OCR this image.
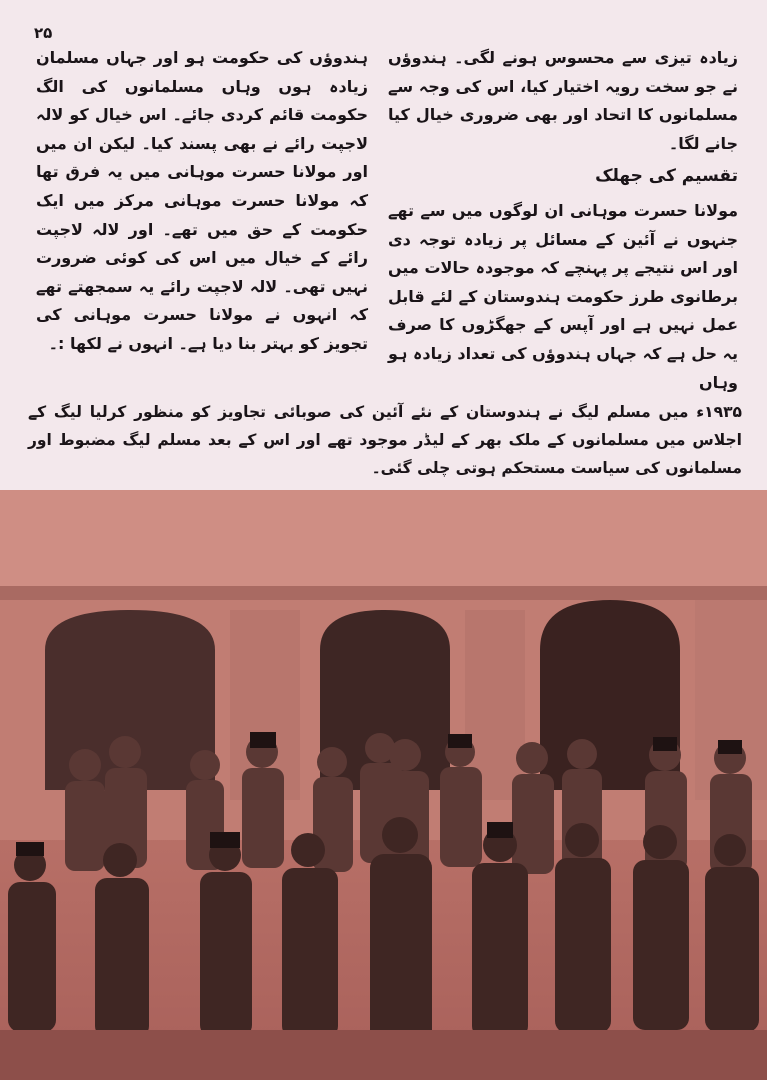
۲۵

زیادہ تیزی سے محسوس ہونے لگی۔ ہندوؤں نے جو سخت رویہ اختیار کیا، اس کی وجہ سے مسلمانوں کا اتحاد اور بھی ضروری خیال کیا جانے لگا۔

تقسیم کی جھلک

مولانا حسرت موہانی ان لوگوں میں سے تھے جنہوں نے آئین کے مسائل پر زیادہ توجہ دی اور اس نتیجے پر پہنچے کہ موجودہ حالات میں برطانوی طرز حکومت ہندوستان کے لئے قابل عمل نہیں ہے اور آپس کے جھگڑوں کا صرف یہ حل ہے کہ جہاں ہندوؤں کی تعداد زیادہ ہو وہاں

ہندوؤں کی حکومت ہو اور جہاں مسلمان زیادہ ہوں وہاں مسلمانوں کی الگ حکومت قائم کردی جائے۔ اس خیال کو لالہ لاجپت رائے نے بھی پسند کیا۔ لیکن ان میں اور مولانا حسرت موہانی میں یہ فرق تھا کہ مولانا حسرت موہانی مرکز میں ایک حکومت کے حق میں تھے۔ اور لالہ لاجپت رائے کے خیال میں اس کی کوئی ضرورت نہیں تھی۔ لالہ لاجپت رائے یہ سمجھتے تھے کہ انہوں نے مولانا حسرت موہانی کی تجویز کو بہتر بنا دیا ہے۔ انہوں نے لکھا :۔

۱۹۳۵ء میں مسلم لیگ نے ہندوستان کے نئے آئین کی صوبائی تجاویز کو منظور کرلیا لیگ کے اجلاس میں مسلمانوں کے ملک بھر کے لیڈر موجود تھے اور اس کے بعد مسلم لیگ مضبوط اور مسلمانوں کی سیاست مستحکم ہوتی چلی گئی۔
